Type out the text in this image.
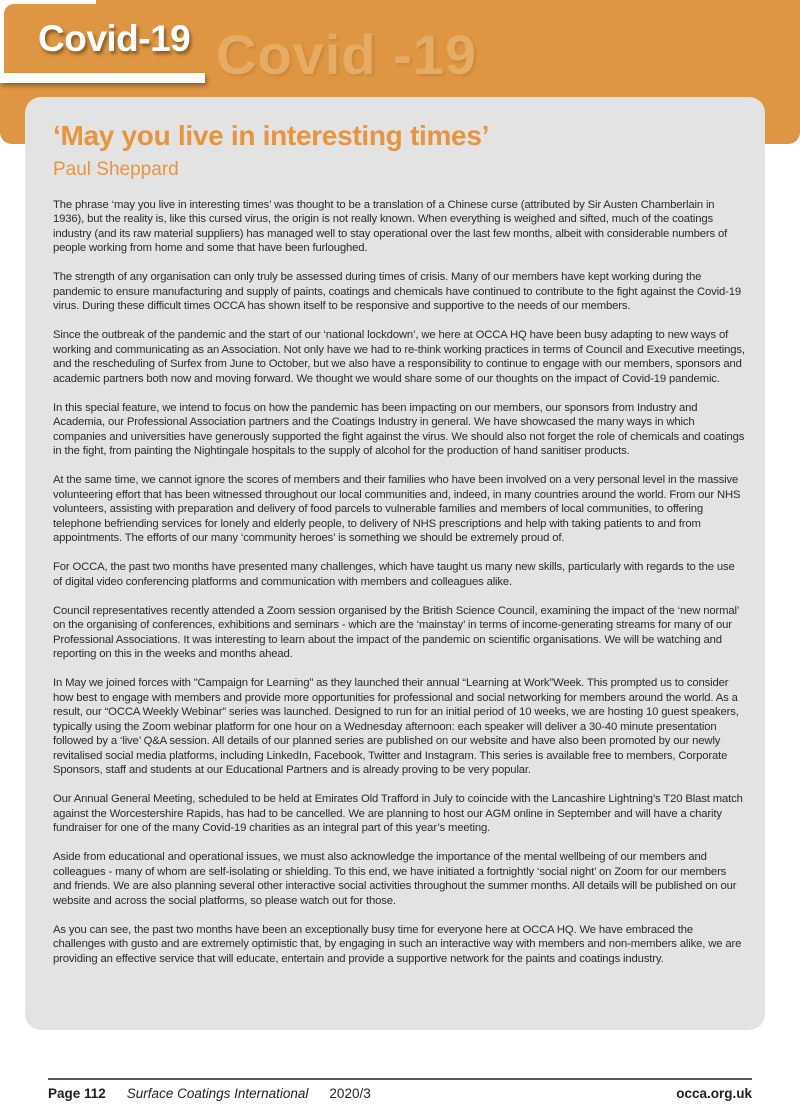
Covid -19
Covid-19
‘May you live in interesting times’
Paul Sheppard

The phrase ‘may you live in interesting times’ was thought to be a translation of a Chinese curse (attributed by Sir Austen Chamberlain in 1936), but the reality is, like this cursed virus, the origin is not really known. When everything is weighed and sifted, much of the coatings industry (and its raw material suppliers) has managed well to stay operational over the last few months, albeit with considerable numbers of people working from home and some that have been furloughed.

The strength of any organisation can only truly be assessed during times of crisis. Many of our members have kept working during the pandemic to ensure manufacturing and supply of paints, coatings and chemicals have continued to contribute to the fight against the Covid-19 virus. During these difficult times OCCA has shown itself to be responsive and supportive to the needs of our members.

Since the outbreak of the pandemic and the start of our ‘national lockdown’, we here at OCCA HQ have been busy adapting to new ways of working and communicating as an Association. Not only have we had to re-think working practices in terms of Council and Executive meetings, and the rescheduling of Surfex from June to October, but we also have a responsibility to continue to engage with our members, sponsors and academic partners both now and moving forward. We thought we would share some of our thoughts on the impact of Covid-19 pandemic.

In this special feature, we intend to focus on how the pandemic has been impacting on our members, our sponsors from Industry and Academia, our Professional Association partners and the Coatings Industry in general. We have showcased the many ways in which companies and universities have generously supported the fight against the virus. We should also not forget the role of chemicals and coatings in the fight, from painting the Nightingale hospitals to the supply of alcohol for the production of hand sanitiser products.

At the same time, we cannot ignore the scores of members and their families who have been involved on a very personal level in the massive volunteering effort that has been witnessed throughout our local communities and, indeed, in many countries around the world. From our NHS volunteers, assisting with preparation and delivery of food parcels to vulnerable families and members of local communities, to offering telephone befriending services for lonely and elderly people, to delivery of NHS prescriptions and help with taking patients to and from appointments. The efforts of our many ‘community heroes’ is something we should be extremely proud of.

For OCCA, the past two months have presented many challenges, which have taught us many new skills, particularly with regards to the use of digital video conferencing platforms and communication with members and colleagues alike.

Council representatives recently attended a Zoom session organised by the British Science Council, examining the impact of the ‘new normal’ on the organising of conferences, exhibitions and seminars - which are the ‘mainstay’ in terms of income-generating streams for many of our Professional Associations. It was interesting to learn about the impact of the pandemic on scientific organisations. We will be watching and reporting on this in the weeks and months ahead.

In May we joined forces with "Campaign for Learning" as they launched their annual “Learning at Work”Week. This prompted us to consider how best to engage with members and provide more opportunities for professional and social networking for members around the world. As a result, our “OCCA Weekly Webinar” series was launched. Designed to run for an initial period of 10 weeks, we are hosting 10 guest speakers, typically using the Zoom webinar platform for one hour on a Wednesday afternoon: each speaker will deliver a 30-40 minute presentation followed by a ‘live’ Q&A session. All details of our planned series are published on our website and have also been promoted by our newly revitalised social media platforms, including LinkedIn, Facebook, Twitter and Instagram. This series is available free to members, Corporate Sponsors, staff and students at our Educational Partners and is already proving to be very popular.

Our Annual General Meeting, scheduled to be held at Emirates Old Trafford in July to coincide with the Lancashire Lightning’s T20 Blast match against the Worcestershire Rapids, has had to be cancelled. We are planning to host our AGM online in September and will have a charity fundraiser for one of the many Covid-19 charities as an integral part of this year’s meeting.

Aside from educational and operational issues, we must also acknowledge the importance of the mental wellbeing of our members and colleagues - many of whom are self-isolating or shielding. To this end, we have initiated a fortnightly ‘social night’ on Zoom for our members and friends. We are also planning several other interactive social activities throughout the summer months. All details will be published on our website and across the social platforms, so please watch out for those.

As you can see, the past two months have been an exceptionally busy time for everyone here at OCCA HQ. We have embraced the challenges with gusto and are extremely optimistic that, by engaging in such an interactive way with members and non-members alike, we are providing an effective service that will educate, entertain and provide a supportive network for the paints and coatings industry.

Page 112 Surface Coatings International 2020/3	occa.org.uk
